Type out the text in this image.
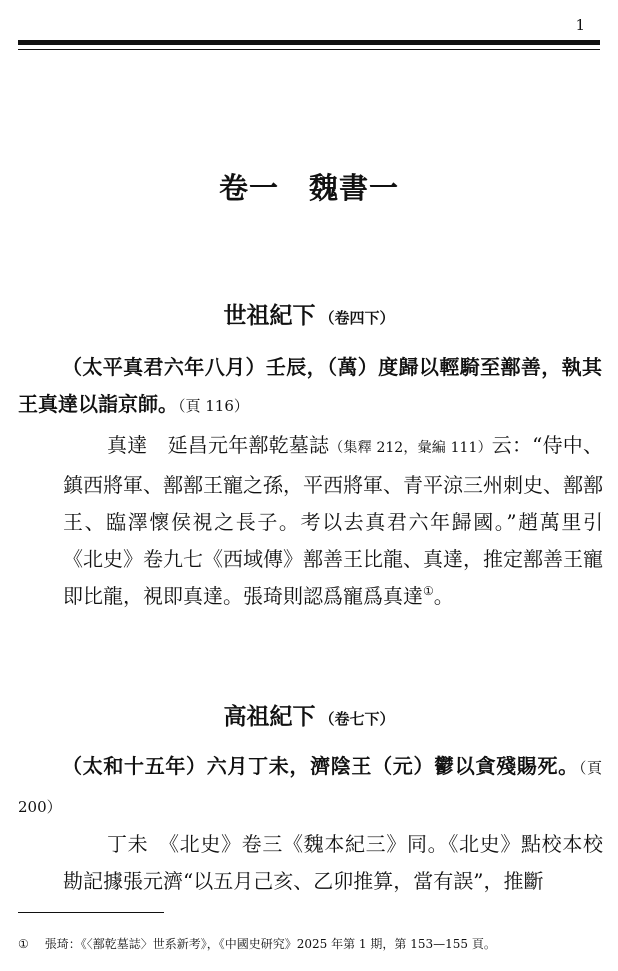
1
卷一　魏書一
世祖紀下 （卷四下）
（太平真君六年八月）壬辰，（萬）度歸以輕騎至鄯善，執其王真達以詣京師。（頁 116）
真達　 延昌元年鄯乾墓誌（集釋 212，彙編 111）云：“侍中、鎮西將軍、鄯鄯王寵之孫，平西將軍、青平涼三州刺史、鄯鄯王、臨澤懷侯視之長子。考以去真君六年歸國。”趙萬里引《北史》卷九七《西域傳》鄯善王比龍、真達，推定鄯善王寵即比龍，視即真達。張琦則認爲寵爲真達①。
高祖紀下 （卷七下）
（太和十五年）六月丁未，濟陰王（元）鬱以貪殘賜死。（頁 200）
丁未　 《北史》卷三《魏本紀三》同。《北史》點校本校勘記據張元濟“以五月己亥、乙卯推算，當有誤”，推斷
① 張琦：《〈鄯乾墓誌〉世系新考》，《中國史研究》2025 年第 1 期，第 153—155 頁。
